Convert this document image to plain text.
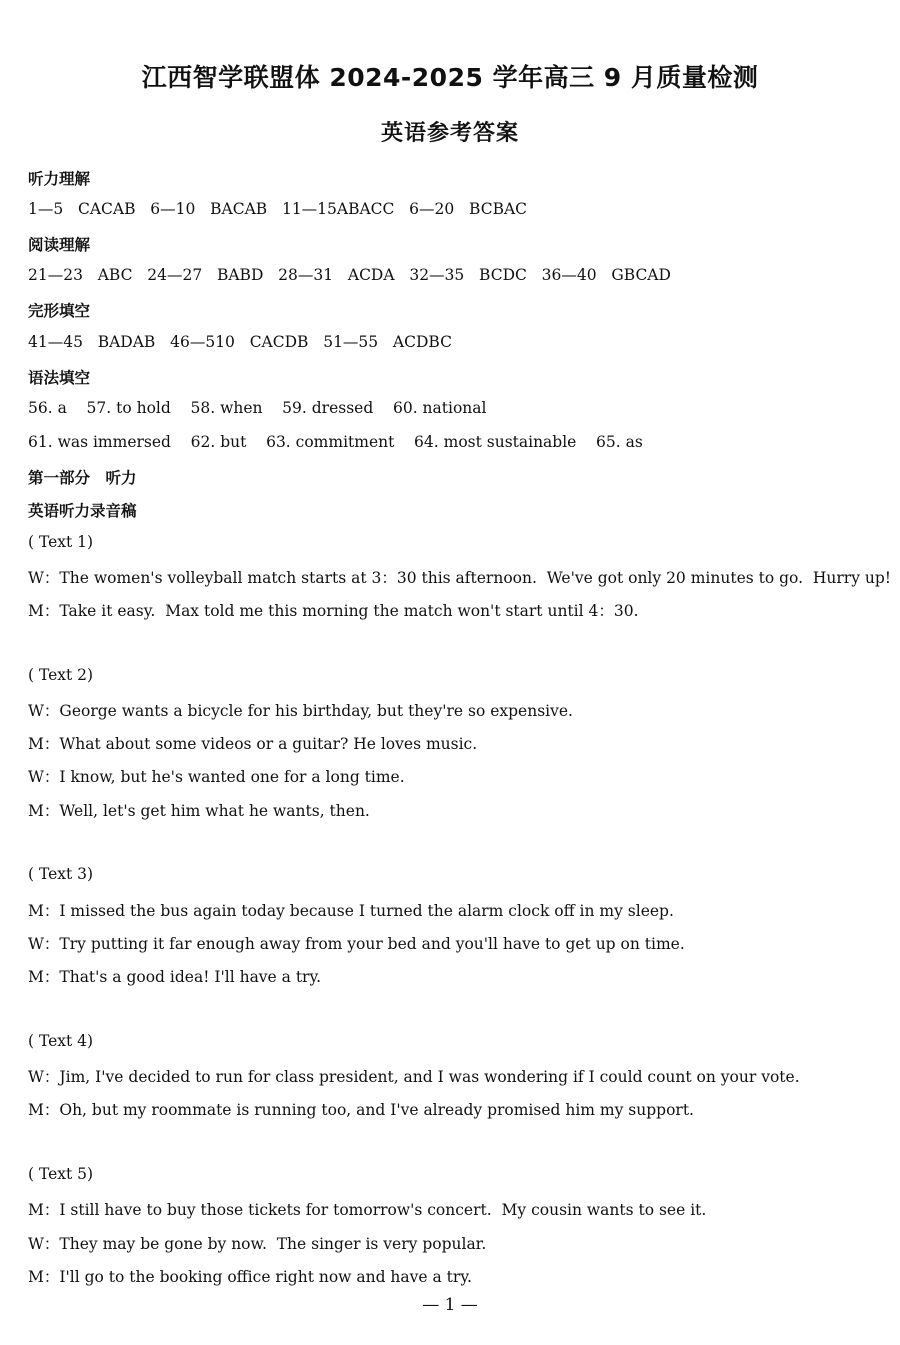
江西智学联盟体 2024-2025 学年高三 9 月质量检测
英语参考答案
听力理解
1—5   CACAB   6—10   BACAB   11—15ABACC   6—20   BCBAC
阅读理解
21—23   ABC   24—27   BABD   28—31   ACDA   32—35   BCDC   36—40   GBCAD
完形填空
41—45   BADAB   46—510   CACDB   51—55   ACDBC
语法填空
56. a    57. to hold    58. when    59. dressed    60. national
61. was immersed    62. but    63. commitment    64. most sustainable    65. as
第一部分　听力
英语听力录音稿
( Text 1)
W：The women's volleyball match starts at 3：30 this afternoon.  We've got only 20 minutes to go.  Hurry up!
M：Take it easy.  Max told me this morning the match won't start until 4：30.
( Text 2)
W：George wants a bicycle for his birthday, but they're so expensive.
M：What about some videos or a guitar? He loves music.
W：I know, but he's wanted one for a long time.
M：Well, let's get him what he wants, then.
( Text 3)
M：I missed the bus again today because I turned the alarm clock off in my sleep.
W：Try putting it far enough away from your bed and you'll have to get up on time.
M：That's a good idea! I'll have a try.
( Text 4)
W：Jim, I've decided to run for class president, and I was wondering if I could count on your vote.
M：Oh, but my roommate is running too, and I've already promised him my support.
( Text 5)
M：I still have to buy those tickets for tomorrow's concert.  My cousin wants to see it.
W：They may be gone by now.  The singer is very popular.
M：I'll go to the booking office right now and have a try.
— 1 —
